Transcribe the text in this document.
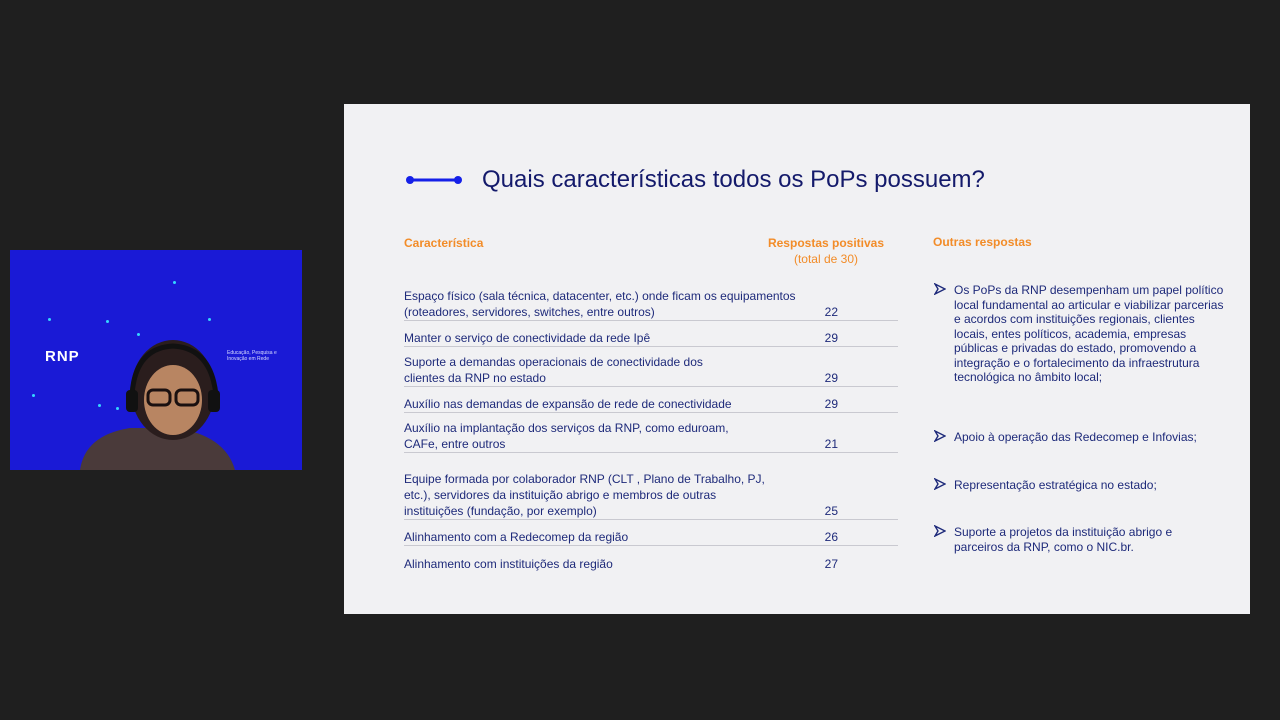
RNP	Educação, Pesquisa e Inovação em Rede
Quais características todos os PoPs possuem?
Característica	Respostas positivas
(total de 30)
Outras respostas
Espaço físico (sala técnica, datacenter, etc.) onde ficam os equipamentos (roteadores, servidores, switches, entre outros)	22
Manter o serviço de conectividade da rede Ipê	29
Suporte a demandas operacionais de conectividade dos clientes da RNP no estado	29
Auxílio nas demandas de expansão de rede de conectividade	29
Auxílio na implantação dos serviços da RNP, como eduroam, CAFe, entre outros	21
Equipe formada por colaborador RNP (CLT , Plano de Trabalho, PJ, etc.), servidores da instituição abrigo e membros de outras instituições (fundação, por exemplo)	25
Alinhamento com a Redecomep da região	26
Alinhamento com instituições da região	27
Os PoPs da RNP desempenham um papel político local fundamental ao articular e viabilizar parcerias e acordos com instituições regionais, clientes locais, entes políticos, academia, empresas públicas e privadas do estado, promovendo a integração e o fortalecimento da infraestrutura tecnológica no âmbito local;
Apoio à operação das Redecomep e Infovias;
Representação estratégica no estado;
Suporte a projetos da instituição abrigo e parceiros da RNP, como o NIC.br.
